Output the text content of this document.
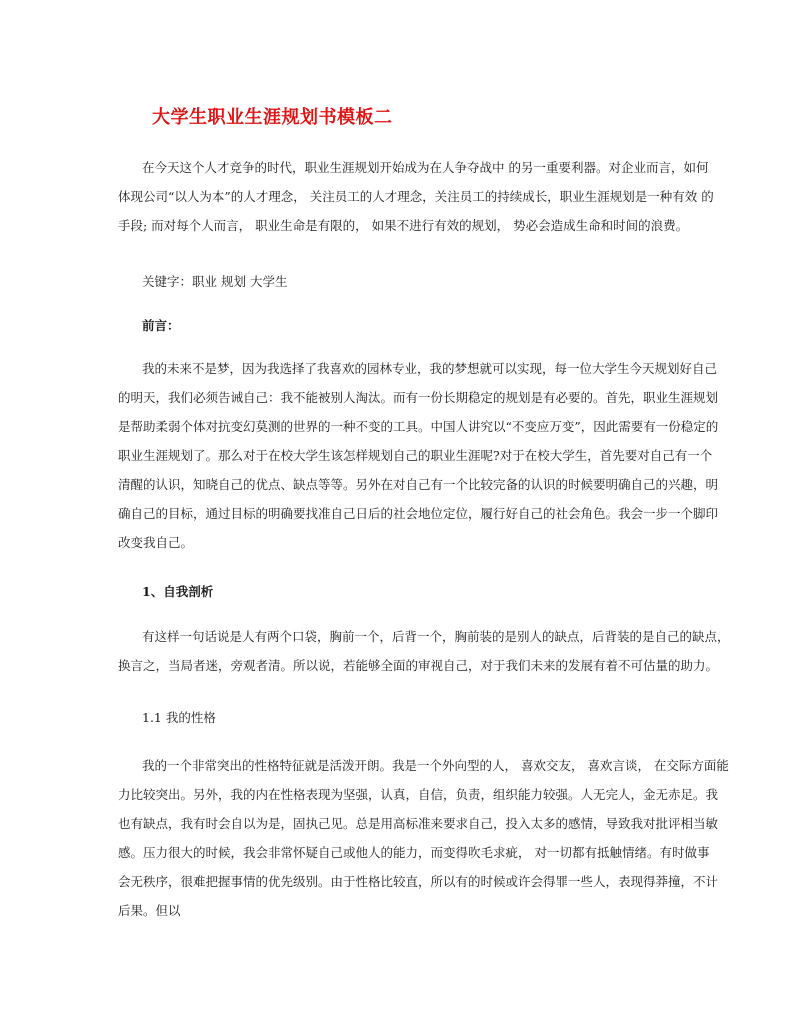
大学生职业生涯规划书模板二
在今天这个人才竞争的时代，职业生涯规划开始成为在人争夺战中 的另一重要利器。对企业而言，如何
体现公司“以人为本”的人才理念， 关注员工的人才理念，关注员工的持续成长，职业生涯规划是一种有效 的
手段; 而对每个人而言， 职业生命是有限的， 如果不进行有效的规划， 势必会造成生命和时间的浪费。
关键字：职业 规划 大学生
前言：
我的未来不是梦，因为我选择了我喜欢的园林专业，我的梦想就可以实现，每一位大学生今天规划好自己
的明天，我们必须告诫自己：我不能被别人淘汰。而有一份长期稳定的规划是有必要的。首先，职业生涯规划
是帮助柔弱个体对抗变幻莫测的世界的一种不变的工具。中国人讲究以“不变应万变”，因此需要有一份稳定的
职业生涯规划了。那么对于在校大学生该怎样规划自己的职业生涯呢?对于在校大学生，首先要对自己有一个
清醒的认识，知晓自己的优点、缺点等等。另外在对自己有一个比较完备的认识的时候要明确自己的兴趣，明
确自己的目标，通过目标的明确要找准自己日后的社会地位定位，履行好自己的社会角色。我会一步一个脚印
改变我自己。
1、自我剖析
有这样一句话说是人有两个口袋，胸前一个，后背一个，胸前装的是别人的缺点，后背装的是自己的缺点，
换言之，当局者迷，旁观者清。所以说，若能够全面的审视自己，对于我们未来的发展有着不可估量的助力。
1.1 我的性格
我的一个非常突出的性格特征就是活泼开朗。我是一个外向型的人， 喜欢交友， 喜欢言谈， 在交际方面能
力比较突出。另外，我的内在性格表现为坚强，认真，自信，负责，组织能力较强。人无完人，金无赤足。我
也有缺点，我有时会自以为是，固执己见。总是用高标准来要求自己，投入太多的感情，导致我对批评相当敏
感。压力很大的时候，我会非常怀疑自己或他人的能力，而变得吹毛求疵， 对一切都有抵触情绪。有时做事
会无秩序，很难把握事情的优先级别。由于性格比较直，所以有的时候或许会得罪一些人，表现得莽撞，不计
后果。但以
